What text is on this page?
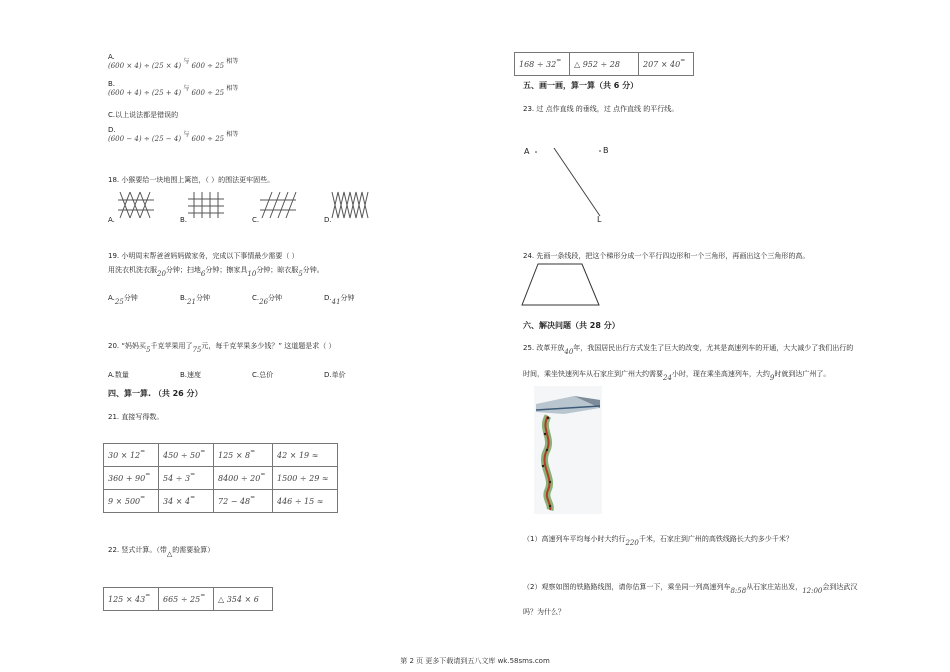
A.
(600 × 4) ÷ (25 × 4) 与 600 ÷ 25 相等
B.
(600 + 4) ÷ (25 + 4) 与 600 ÷ 25 相等
C.以上说法都是错误的
D.
(600 − 4) ÷ (25 − 4) 与 600 ÷ 25 相等
18. 小猴要给一块地围上篱笆，（ ）的围法更牢固些。
A.	B.	C.	D.
19. 小明周末帮爸爸妈妈做家务，完成以下事情最少需要（ ）
用洗衣机洗衣服20分钟；扫地6分钟；擦家具10分钟；晾衣服5分钟。
A.25分钟	B.21分钟	C.26分钟	D.41分钟
20. “妈妈买5千克苹果用了75元，每千克苹果多少钱？” 这道题是求（ ）
A.数量	B.速度	C.总价	D.单价
四、算一算. （共 26 分）
21. 直接写得数。
30 × 12=	450 ÷ 50=	125 × 8=	42 × 19 ≈
360 + 90=	54 ÷ 3=	8400 ÷ 20=	1500 ÷ 29 ≈
9 × 500=	34 × 4=	72 − 48=	446 ÷ 15 ≈
22. 竖式计算。（带△的需要验算）
125 × 43=	665 ÷ 25=	△ 354 × 6
168 ÷ 32=	△ 952 ÷ 28	207 × 40=
五、画一画，算一算（共 6 分）
23. 过 点作直线 的垂线，过 点作直线 的平行线。
A	B
L
24. 先画一条线段，把这个梯形分成一个平行四边形和一个三角形，再画出这个三角形的高。
六、解决问题（共 28 分）
25. 改革开放40年，我国居民出行方式发生了巨大的改变，尤其是高速列车的开通，大大减少了我们出行的
时间，乘坐快速列车从石家庄到广州大约需要24小时，现在乘坐高速列车，大约9时就到达广州了。
（1）高速列车平均每小时大约行220千米，石家庄到广州的高铁线路长大约多少千米？
（2）观察如图的铁路路线图，请你估算一下，乘坐同一列高速列车8:58从石家庄站出发，12:00会到达武汉
吗？为什么？
第 2 页 更多下载请到五八文库 wk.58sms.com
